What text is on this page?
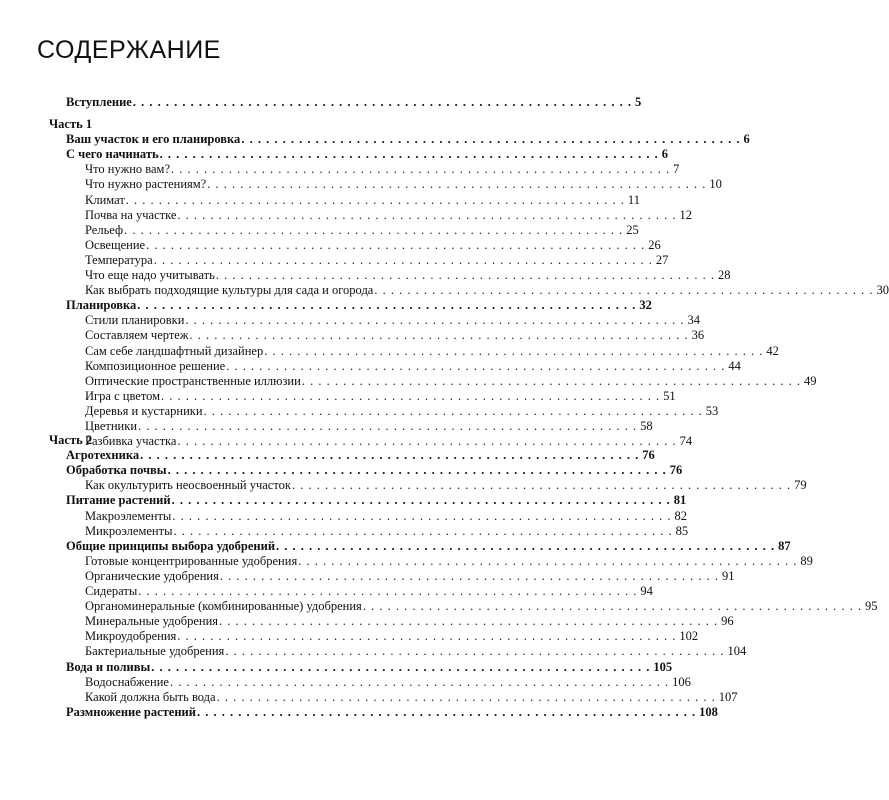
СОДЕРЖАНИЕ
Вступление . . . . . . . . . . . . . . . . . . . . . . . . . . . . . . . . . . . . . . . . . . . . . . . . . . . . . . . . . . . . . 5
Часть 1
Ваш участок и его планировка . . . . . . . . . . . . . . . . . . . . . . . . . . . . . . . . . . . . . . . . . . . . . . . . . . . . . . . . . . . . . 6
С чего начинать . . . . . . . . . . . . . . . . . . . . . . . . . . . . . . . . . . . . . . . . . . . . . . . . . . . . . . . . . . . . . 6
Что нужно вам? . . . . . . . . . . . . . . . . . . . . . . . . . . . . . . . . . . . . . . . . . . . . . . . . . . . . . . . . . . . . . 7
Что нужно растениям? . . . . . . . . . . . . . . . . . . . . . . . . . . . . . . . . . . . . . . . . . . . . . . . . . . . . . . . . . . . . . 10
Климат . . . . . . . . . . . . . . . . . . . . . . . . . . . . . . . . . . . . . . . . . . . . . . . . . . . . . . . . . . . . . 11
Почва на участке . . . . . . . . . . . . . . . . . . . . . . . . . . . . . . . . . . . . . . . . . . . . . . . . . . . . . . . . . . . . . 12
Рельеф . . . . . . . . . . . . . . . . . . . . . . . . . . . . . . . . . . . . . . . . . . . . . . . . . . . . . . . . . . . . . 25
Освещение . . . . . . . . . . . . . . . . . . . . . . . . . . . . . . . . . . . . . . . . . . . . . . . . . . . . . . . . . . . . . 26
Температура . . . . . . . . . . . . . . . . . . . . . . . . . . . . . . . . . . . . . . . . . . . . . . . . . . . . . . . . . . . . . 27
Что еще надо учитывать . . . . . . . . . . . . . . . . . . . . . . . . . . . . . . . . . . . . . . . . . . . . . . . . . . . . . . . . . . . . . 28
Как выбрать подходящие культуры для сада и огорода . . . . . . . . . . . . . . . . . . . . . . . . . . . . . . . . . . . . . . . . . . . . . . . . . . . . . . . . . . . . . 30
Планировка . . . . . . . . . . . . . . . . . . . . . . . . . . . . . . . . . . . . . . . . . . . . . . . . . . . . . . . . . . . . . 32
Стили планировки . . . . . . . . . . . . . . . . . . . . . . . . . . . . . . . . . . . . . . . . . . . . . . . . . . . . . . . . . . . . . 34
Составляем чертеж . . . . . . . . . . . . . . . . . . . . . . . . . . . . . . . . . . . . . . . . . . . . . . . . . . . . . . . . . . . . . 36
Сам себе ландшафтный дизайнер . . . . . . . . . . . . . . . . . . . . . . . . . . . . . . . . . . . . . . . . . . . . . . . . . . . . . . . . . . . . . 42
Композиционное решение . . . . . . . . . . . . . . . . . . . . . . . . . . . . . . . . . . . . . . . . . . . . . . . . . . . . . . . . . . . . . 44
Оптические пространственные иллюзии . . . . . . . . . . . . . . . . . . . . . . . . . . . . . . . . . . . . . . . . . . . . . . . . . . . . . . . . . . . . . 49
Игра с цветом . . . . . . . . . . . . . . . . . . . . . . . . . . . . . . . . . . . . . . . . . . . . . . . . . . . . . . . . . . . . . 51
Деревья и кустарники . . . . . . . . . . . . . . . . . . . . . . . . . . . . . . . . . . . . . . . . . . . . . . . . . . . . . . . . . . . . . 53
Цветники . . . . . . . . . . . . . . . . . . . . . . . . . . . . . . . . . . . . . . . . . . . . . . . . . . . . . . . . . . . . . 58
Разбивка участка . . . . . . . . . . . . . . . . . . . . . . . . . . . . . . . . . . . . . . . . . . . . . . . . . . . . . . . . . . . . . 74
Часть 2
Агротехника . . . . . . . . . . . . . . . . . . . . . . . . . . . . . . . . . . . . . . . . . . . . . . . . . . . . . . . . . . . . . 76
Обработка почвы . . . . . . . . . . . . . . . . . . . . . . . . . . . . . . . . . . . . . . . . . . . . . . . . . . . . . . . . . . . . . 76
Как окультурить неосвоенный участок . . . . . . . . . . . . . . . . . . . . . . . . . . . . . . . . . . . . . . . . . . . . . . . . . . . . . . . . . . . . . 79
Питание растений . . . . . . . . . . . . . . . . . . . . . . . . . . . . . . . . . . . . . . . . . . . . . . . . . . . . . . . . . . . . . 81
Макроэлементы . . . . . . . . . . . . . . . . . . . . . . . . . . . . . . . . . . . . . . . . . . . . . . . . . . . . . . . . . . . . . 82
Микроэлементы . . . . . . . . . . . . . . . . . . . . . . . . . . . . . . . . . . . . . . . . . . . . . . . . . . . . . . . . . . . . . 85
Общие принципы выбора удобрений . . . . . . . . . . . . . . . . . . . . . . . . . . . . . . . . . . . . . . . . . . . . . . . . . . . . . . . . . . . . . 87
Готовые концентрированные удобрения . . . . . . . . . . . . . . . . . . . . . . . . . . . . . . . . . . . . . . . . . . . . . . . . . . . . . . . . . . . . . 89
Органические удобрения . . . . . . . . . . . . . . . . . . . . . . . . . . . . . . . . . . . . . . . . . . . . . . . . . . . . . . . . . . . . . 91
Сидераты . . . . . . . . . . . . . . . . . . . . . . . . . . . . . . . . . . . . . . . . . . . . . . . . . . . . . . . . . . . . . 94
Органоминеральные (комбинированные) удобрения . . . . . . . . . . . . . . . . . . . . . . . . . . . . . . . . . . . . . . . . . . . . . . . . . . . . . . . . . . . . . 95
Минеральные удобрения . . . . . . . . . . . . . . . . . . . . . . . . . . . . . . . . . . . . . . . . . . . . . . . . . . . . . . . . . . . . . 96
Микроудобрения . . . . . . . . . . . . . . . . . . . . . . . . . . . . . . . . . . . . . . . . . . . . . . . . . . . . . . . . . . . . . 102
Бактериальные удобрения . . . . . . . . . . . . . . . . . . . . . . . . . . . . . . . . . . . . . . . . . . . . . . . . . . . . . . . . . . . . . 104
Вода и поливы . . . . . . . . . . . . . . . . . . . . . . . . . . . . . . . . . . . . . . . . . . . . . . . . . . . . . . . . . . . . . 105
Водоснабжение . . . . . . . . . . . . . . . . . . . . . . . . . . . . . . . . . . . . . . . . . . . . . . . . . . . . . . . . . . . . . 106
Какой должна быть вода . . . . . . . . . . . . . . . . . . . . . . . . . . . . . . . . . . . . . . . . . . . . . . . . . . . . . . . . . . . . . 107
Размножение растений . . . . . . . . . . . . . . . . . . . . . . . . . . . . . . . . . . . . . . . . . . . . . . . . . . . . . . . . . . . . . 108
